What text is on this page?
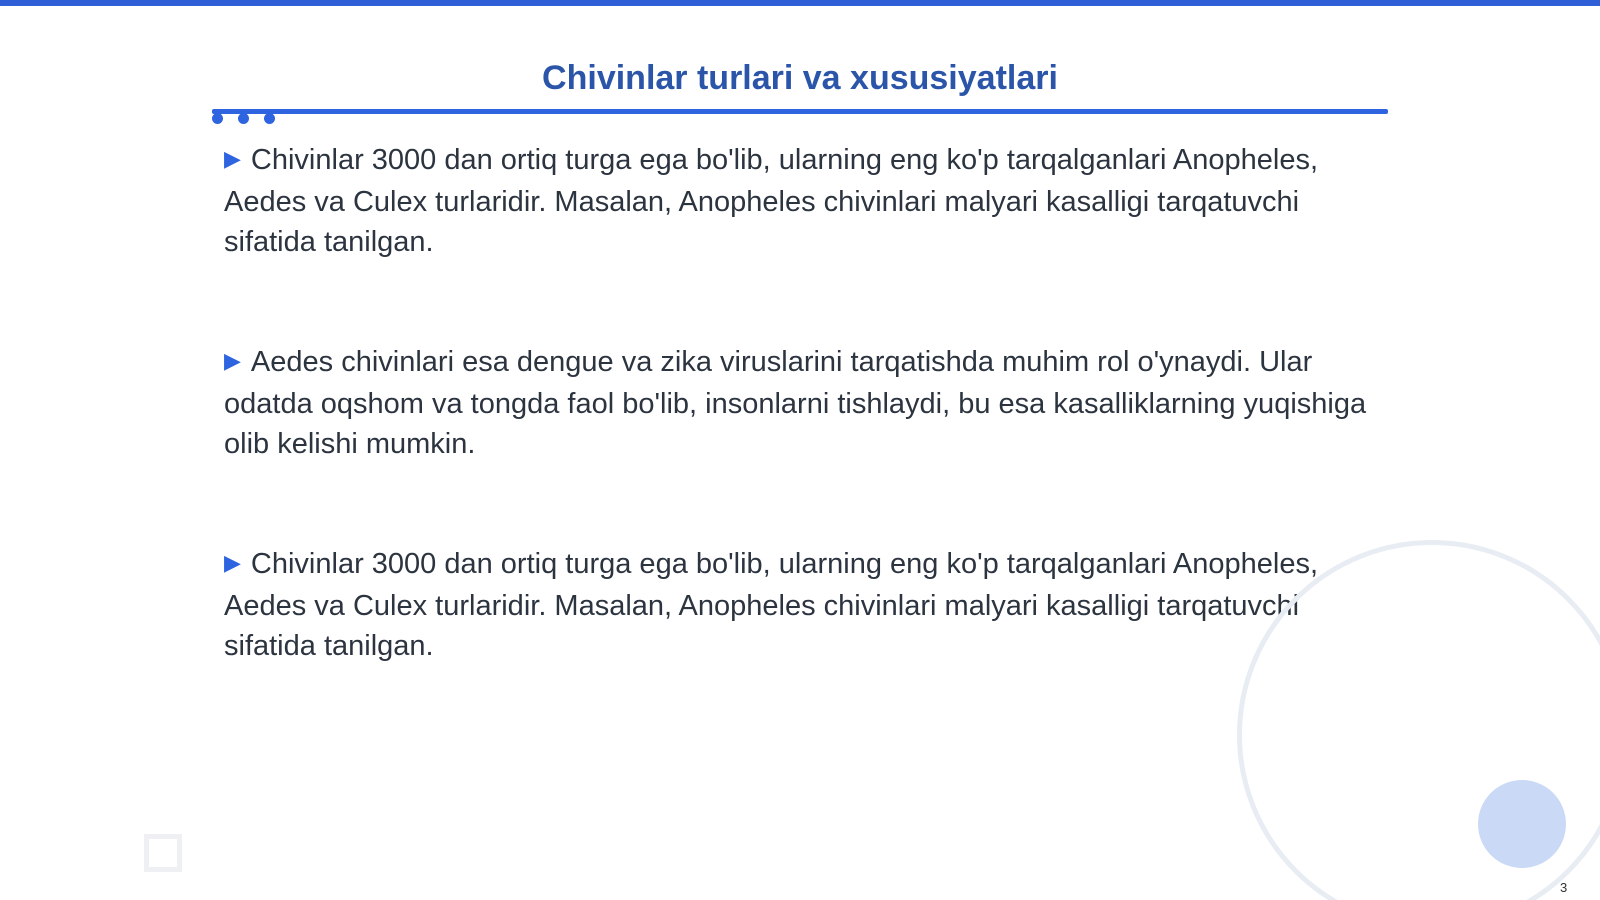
Chivinlar turlari va xususiyatlari

▶ Chivinlar 3000 dan ortiq turga ega bo'lib, ularning eng ko'p tarqalganlari Anopheles, Aedes va Culex turlaridir. Masalan, Anopheles chivinlari malyari kasalligi tarqatuvchi sifatida tanilgan.

▶ Aedes chivinlari esa dengue va zika viruslarini tarqatishda muhim rol o'ynaydi. Ular odatda oqshom va tongda faol bo'lib, insonlarni tishlaydi, bu esa kasalliklarning yuqishiga olib kelishi mumkin.

▶ Chivinlar 3000 dan ortiq turga ega bo'lib, ularning eng ko'p tarqalganlari Anopheles, Aedes va Culex turlaridir. Masalan, Anopheles chivinlari malyari kasalligi tarqatuvchi sifatida tanilgan.

3
